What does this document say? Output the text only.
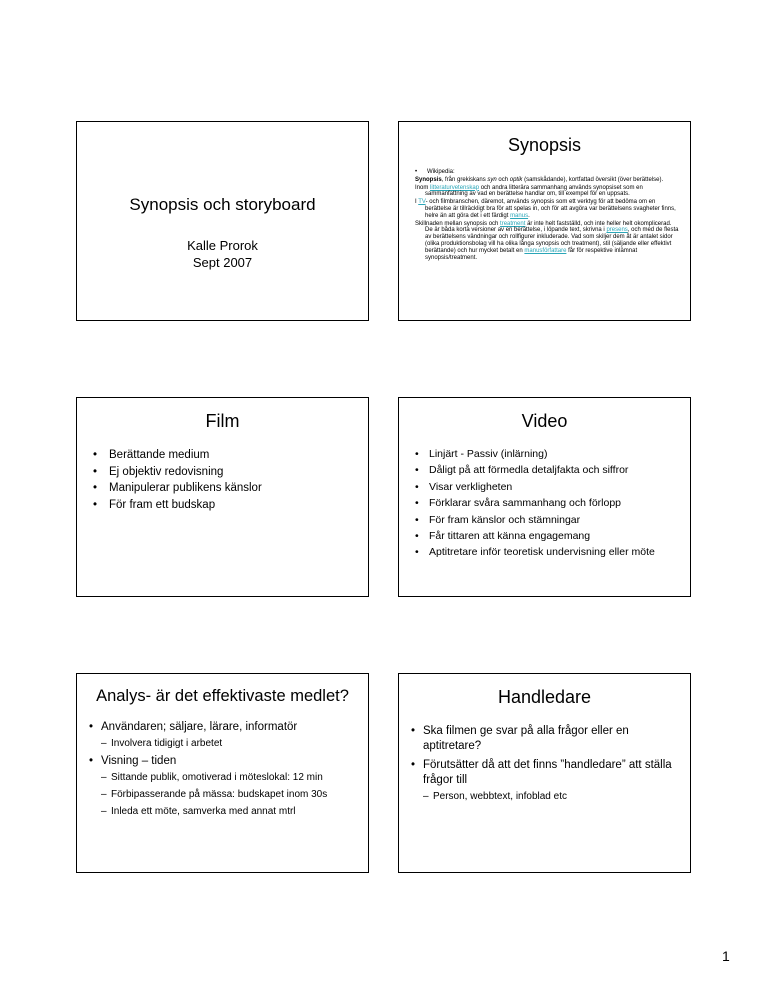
Synopsis och storyboard
Kalle Prorok
Sept 2007
Synopsis

• Wikipedia:

Synopsis, från grekiskans syn och optik (samskådande), kortfattad översikt (över berättelse).

Inom litteraturvetenskap och andra litterära sammanhang används synopsiset som en sammanfattning av vad en berättelse handlar om, till exempel för en uppsats.

I TV- och filmbranschen, däremot, används synopsis som ett verktyg för att bedöma om en berättelse är tillräckligt bra för att spelas in, och för att avgöra var berättelsens svagheter finns, helre än att göra det i ett färdigt manus.

Skillnaden mellan synopsis och treatment är inte helt fastställd, och inte heller helt okomplicerad. De är båda korta versioner av en berättelse, i löpande text, skrivna i presens, och med de flesta av berättelsens vändningar och rollfigurer inkluderade. Vad som skiljer dem åt är antalet sidor (olika produktionsbolag vill ha olika långa synopsis och treatment), stil (säljande eller effektivt berättande) och hur mycket betalt en manusförfattare får för respektive inlämnat synopsis/treatment.

Film
• Berättande medium
• Ej objektiv redovisning
• Manipulerar publikens känslor
• För fram ett budskap
Video
• Linjärt - Passiv (inlärning)
• Dåligt på att förmedla detaljfakta och siffror
• Visar verkligheten
• Förklarar svåra sammanhang och förlopp
• För fram känslor och stämningar
• Får tittaren att känna engagemang
• Aptitretare inför teoretisk undervisning eller möte
Analys- är det effektivaste medlet?
• Användaren; säljare, lärare, informatör
– Involvera tidigigt i arbetet
• Visning – tiden
– Sittande publik, omotiverad i möteslokal: 12 min
– Förbipasserande på mässa: budskapet inom 30s
– Inleda ett möte, samverka med annat mtrl
Handledare
• Ska filmen ge svar på alla frågor eller en aptitretare?
• Förutsätter då att det finns ”handledare” att ställa frågor till
– Person, webbtext, infoblad etc
1
